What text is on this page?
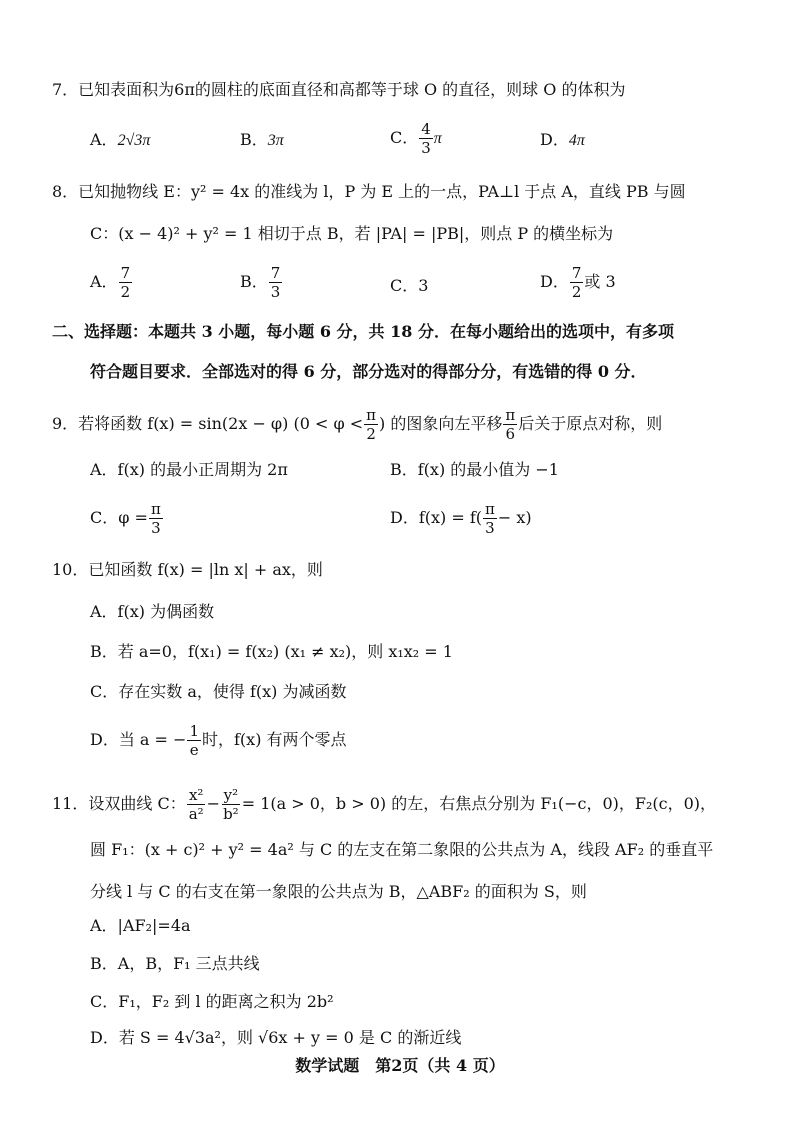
7．已知表面积为6π的圆柱的底面直径和高都等于球 O 的直径，则球 O 的体积为
A．2√3π	B．3π	C． $\frac{4}{3}$ π	D．4π
8．已知抛物线 E：y² = 4x 的准线为 l，P 为 E 上的一点，PA⊥l 于点 A，直线 PB 与圆
C：(x − 4)² + y² = 1 相切于点 B，若 |PA| = |PB|，则点 P 的横坐标为
A． $\frac{7}{2}$	B． $\frac{7}{3}$	C．3	D． $\frac{7}{2}$ 或 3
二、选择题：本题共 3 小题，每小题 6 分，共 18 分．在每小题给出的选项中，有多项
符合题目要求．全部选对的得 6 分，部分选对的得部分分，有选错的得 0 分．
9．若将函数 f(x) = sin(2x − φ) ($0 < \varphi < \frac{\pi}{2}$ ) 的图象向左平移 $\frac{\pi}{6}$ 后关于原点对称，则
A．f(x) 的最小正周期为 2π	B．f(x) 的最小值为 −1
C．$\varphi = \frac{\pi}{3}$	D．$f(x) = f( \frac{\pi}{3} - x)$
10．已知函数 f(x) = |ln x| + ax，则
A．f(x) 为偶函数
B．若 a=0，f(x₁) = f(x₂) (x₁ ≠ x₂)，则 x₁x₂ = 1
C．存在实数 a，使得 f(x) 为减函数
D．当 a = − $\frac{1}{e}$ 时，f(x) 有两个零点
11．设双曲线 C： $\frac{\text{x²}}{\text{a²}} - \frac{\text{y²}}{\text{b²}} = 1(a > 0$，b > 0) 的左，右焦点分别为 F₁(−c，0)，F₂(c，0)，
圆 F₁：(x + c)² + y² = 4a² 与 C 的左支在第二象限的公共点为 A，线段 AF₂ 的垂直平
分线 l 与 C 的右支在第一象限的公共点为 B，△ABF₂ 的面积为 S，则
A．|AF₂|=4a
B．A，B，F₁ 三点共线
C．F₁，F₂ 到 l 的距离之积为 2b²
D．若 S = 4√3a²，则 √6x + y = 0 是 C 的渐近线
数学试题　第2页（共 4 页）
